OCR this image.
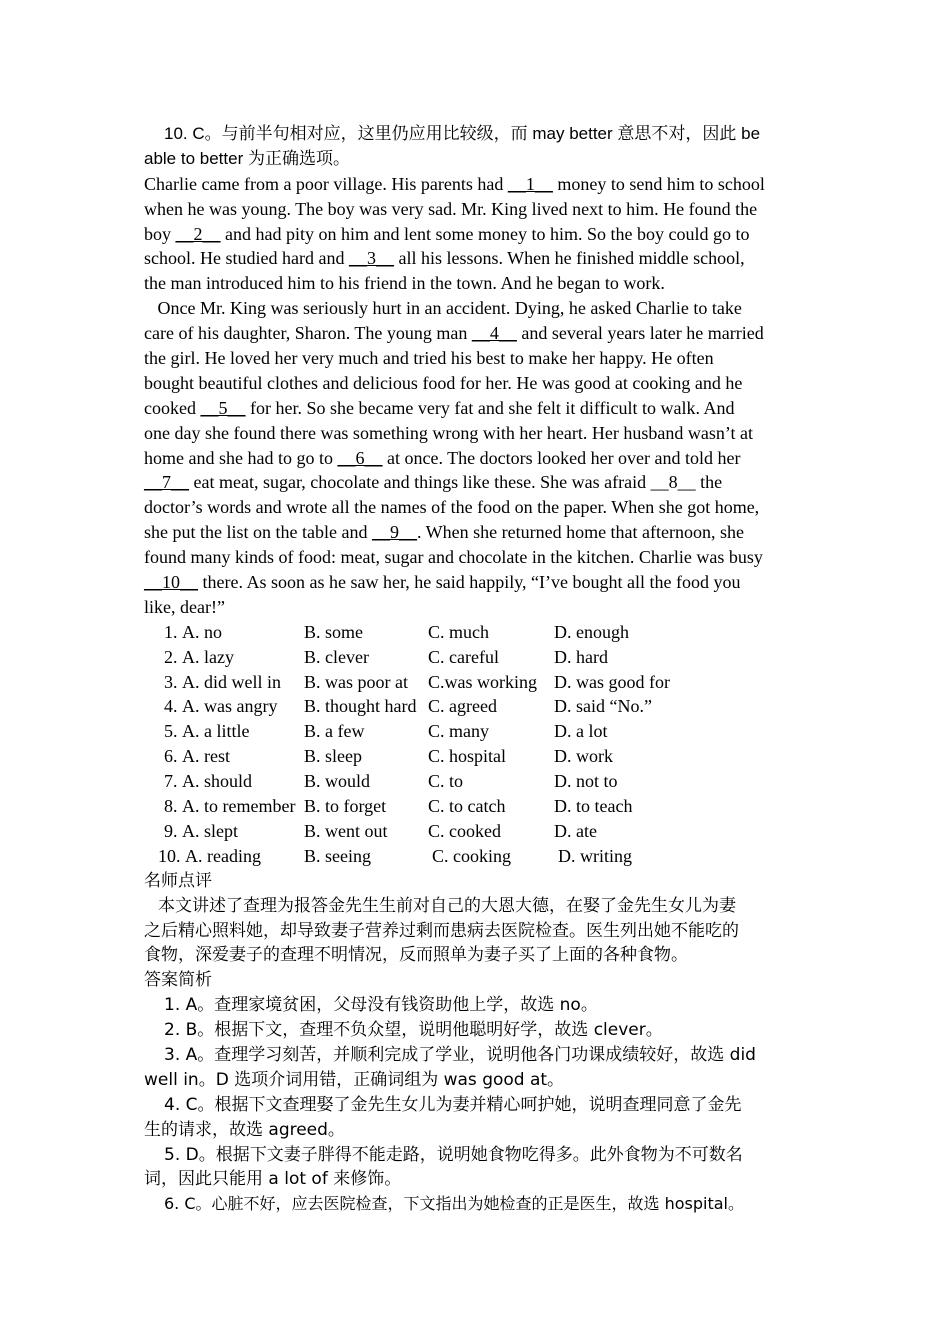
10. C。与前半句相对应，这里仍应用比较级，而 may better 意思不对，因此 be
able to better 为正确选项。
Charlie came from a poor village. His parents had __1__ money to send him to school
when he was young. The boy was very sad. Mr. King lived next to him. He found the
boy __2__ and had pity on him and lent some money to him. So the boy could go to
school. He studied hard and __3__ all his lessons. When he finished middle school,
the man introduced him to his friend in the town. And he began to work.
Once Mr. King was seriously hurt in an accident. Dying, he asked Charlie to take
care of his daughter, Sharon. The young man __4__ and several years later he married
the girl. He loved her very much and tried his best to make her happy. He often
bought beautiful clothes and delicious food for her. He was good at cooking and he
cooked __5__ for her. So she became very fat and she felt it difficult to walk. And
one day she found there was something wrong with her heart. Her husband wasn’t at
home and she had to go to __6__ at once. The doctors looked her over and told her
__7__ eat meat, sugar, chocolate and things like these. She was afraid __8__ the
doctor’s words and wrote all the names of the food on the paper. When she got home,
she put the list on the table and __9__. When she returned home that afternoon, she
found many kinds of food: meat, sugar and chocolate in the kitchen. Charlie was busy
__10__ there. As soon as he saw her, he said happily, “I’ve bought all the food you
like, dear!”
1. A. no	B. some	C. much	D. enough
2. A. lazy	B. clever	C. careful	D. hard
3. A. did well in	B. was poor at	C.was working D. was good for
4. A. was angry	B. thought hard C. agreed	D. said “No.”
5. A. a little	B. a few	C. many	D. a lot
6. A. rest	B. sleep	C. hospital	D. work
7. A. should	B. would	C. to	D. not to
8. A. to remember B. to forget	C. to catch	D. to teach
9. A. slept	B. went out	C. cooked	D. ate
10. A. reading	B. seeing	C. cooking	D. writing
名师点评
本文讲述了查理为报答金先生生前对自己的大恩大德，在娶了金先生女儿为妻
之后精心照料她，却导致妻子营养过剩而患病去医院检查。医生列出她不能吃的
食物，深爱妻子的查理不明情况，反而照单为妻子买了上面的各种食物。
答案简析
1. A。查理家境贫困，父母没有钱资助他上学，故选 no。
2. B。根据下文，查理不负众望，说明他聪明好学，故选 clever。
3. A。查理学习刻苦，并顺利完成了学业，说明他各门功课成绩较好，故选 did
well in。D 选项介词用错，正确词组为 was good at。
4. C。根据下文查理娶了金先生女儿为妻并精心呵护她，说明查理同意了金先
生的请求，故选 agreed。
5. D。根据下文妻子胖得不能走路，说明她食物吃得多。此外食物为不可数名
词，因此只能用 a lot of 来修饰。
6. C。心脏不好，应去医院检查，下文指出为她检查的正是医生，故选 hospital。
